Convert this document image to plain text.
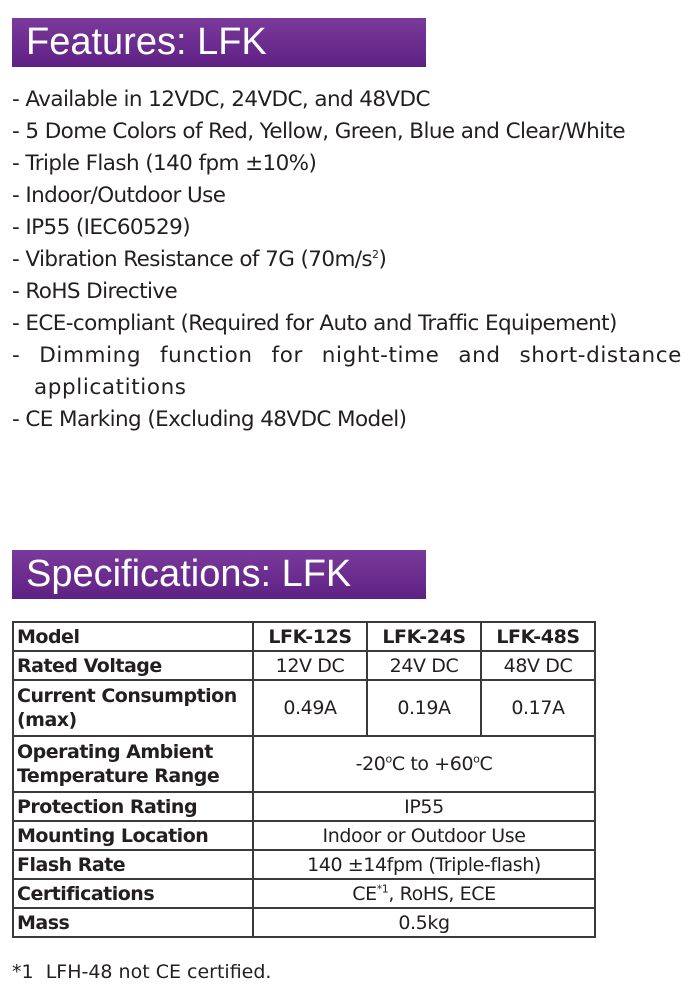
Features: LFK
- Available in 12VDC, 24VDC, and 48VDC
- 5 Dome Colors of Red, Yellow, Green, Blue and Clear/White
- Triple Flash (140 fpm ±10%)
- Indoor/Outdoor Use
- IP55 (IEC60529)
- Vibration Resistance of 7G $(70m/s^2)$
- RoHS Directive
- ECE-compliant (Required for Auto and Traffic Equipement)
- Dimming function for night-time and short-distance
applicatitions
- CE Marking (Excluding 48VDC Model)
Specifications: LFK
Model	LFK-12S	LFK-24S	LFK-48S
Rated Voltage	12V DC	24V DC	48V DC
Current Consumption
(max)	0.49A	0.19A	0.17A
Operating Ambient
Temperature Range	-20$^o$C to $+60^oC$		
Protection Rating	IP55		
Mounting Location	Indoor or Outdoor Use		
Flash Rate	140 ±14fpm (Triple-flash)		
Certifications	CE$^{*1}$, RoHS, ECE		
Mass	0.5kg		
*1 LFH-48 not CE certified.
